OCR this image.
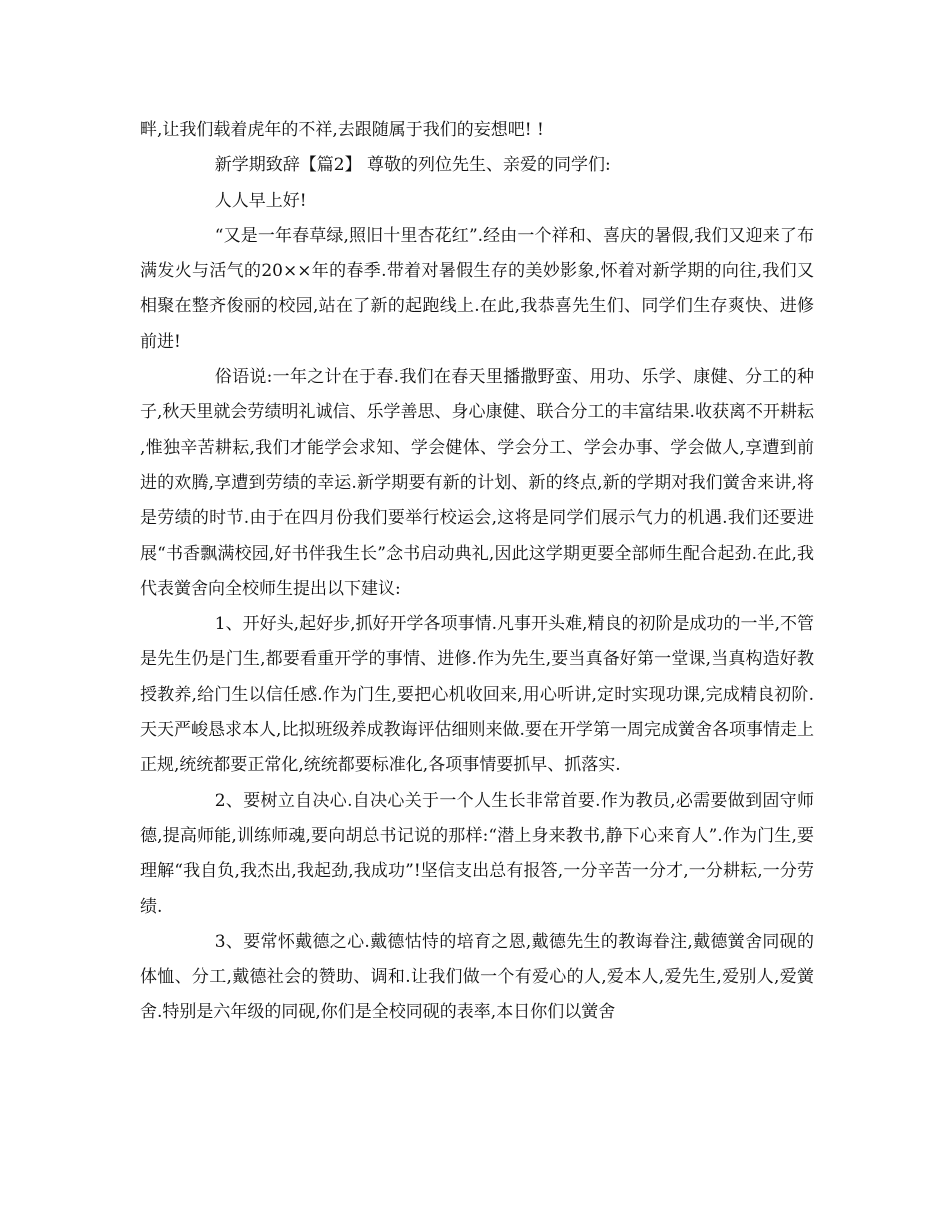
畔,让我们载着虎年的不祥,去跟随属于我们的妄想吧! !

新学期致辞【篇2】 尊敬的列位先生、亲爱的同学们:

人人早上好!

“又是一年春草绿,照旧十里杏花红”.经由一个祥和、喜庆的暑假,我们又迎来了布满发火与活气的20××年的春季.带着对暑假生存的美妙影象,怀着对新学期的向往,我们又相聚在整齐俊丽的校园,站在了新的起跑线上.在此,我恭喜先生们、同学们生存爽快、进修前进!

俗语说:一年之计在于春.我们在春天里播撒野蛮、用功、乐学、康健、分工的种子,秋天里就会劳绩明礼诚信、乐学善思、身心康健、联合分工的丰富结果.收获离不开耕耘,惟独辛苦耕耘,我们才能学会求知、学会健体、学会分工、学会办事、学会做人,享遭到前进的欢腾,享遭到劳绩的幸运.新学期要有新的计划、新的终点,新的学期对我们黉舍来讲,将是劳绩的时节.由于在四月份我们要举行校运会,这将是同学们展示气力的机遇.我们还要进展“书香飘满校园,好书伴我生长”念书启动典礼,因此这学期更要全部师生配合起劲.在此,我代表黉舍向全校师生提出以下建议:

1、开好头,起好步,抓好开学各项事情.凡事开头难,精良的初阶是成功的一半,不管是先生仍是门生,都要看重开学的事情、进修.作为先生,要当真备好第一堂课,当真构造好教授教养,给门生以信任感.作为门生,要把心机收回来,用心听讲,定时实现功课,完成精良初阶.天天严峻恳求本人,比拟班级养成教诲评估细则来做.要在开学第一周完成黉舍各项事情走上正规,统统都要正常化,统统都要标准化,各项事情要抓早、抓落实.

2、要树立自决心.自决心关于一个人生长非常首要.作为教员,必需要做到固守师德,提高师能,训练师魂,要向胡总书记说的那样:“潜上身来教书,静下心来育人”.作为门生,要理解“我自负,我杰出,我起劲,我成功”!坚信支出总有报答,一分辛苦一分才,一分耕耘,一分劳绩.

3、要常怀戴德之心.戴德怙恃的培育之恩,戴德先生的教诲眷注,戴德黉舍同砚的体恤、分工,戴德社会的赞助、调和.让我们做一个有爱心的人,爱本人,爱先生,爱别人,爱黉舍.特别是六年级的同砚,你们是全校同砚的表率,本日你们以黉舍
